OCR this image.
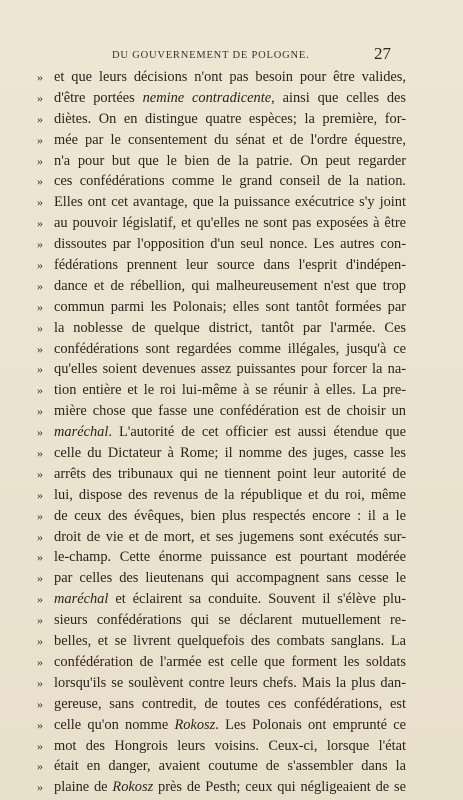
DU GOUVERNEMENT DE POLOGNE.	27
» et que leurs décisions n'ont pas besoin pour être valides,
» d'être portées nemine contradicente, ainsi que celles des
» diètes. On en distingue quatre espèces; la première, for-
» mée par le consentement du sénat et de l'ordre équestre,
» n'a pour but que le bien de la patrie. On peut regarder
» ces confédérations comme le grand conseil de la nation.
» Elles ont cet avantage, que la puissance exécutrice s'y joint
» au pouvoir législatif, et qu'elles ne sont pas exposées à être
» dissoutes par l'opposition d'un seul nonce. Les autres con-
» fédérations prennent leur source dans l'esprit d'indépen-
» dance et de rébellion, qui malheureusement n'est que trop
» commun parmi les Polonais; elles sont tantôt formées par
» la noblesse de quelque district, tantôt par l'armée. Ces
» confédérations sont regardées comme illégales, jusqu'à ce
» qu'elles soient devenues assez puissantes pour forcer la na-
» tion entière et le roi lui-même à se réunir à elles. La pre-
» mière chose que fasse une confédération est de choisir un
» maréchal. L'autorité de cet officier est aussi étendue que
» celle du Dictateur à Rome; il nomme des juges, casse les
» arrêts des tribunaux qui ne tiennent point leur autorité de
» lui, dispose des revenus de la république et du roi, même
» de ceux des évêques, bien plus respectés encore : il a le
» droit de vie et de mort, et ses jugemens sont exécutés sur-
» le-champ. Cette énorme puissance est pourtant modérée
» par celles des lieutenans qui accompagnent sans cesse le
» maréchal et éclairent sa conduite. Souvent il s'élève plu-
» sieurs confédérations qui se déclarent mutuellement re-
» belles, et se livrent quelquefois des combats sanglans. La
» confédération de l'armée est celle que forment les soldats
» lorsqu'ils se soulèvent contre leurs chefs. Mais la plus dan-
» gereuse, sans contredit, de toutes ces confédérations, est
» celle qu'on nomme Rokosz. Les Polonais ont emprunté ce
» mot des Hongrois leurs voisins. Ceux-ci, lorsque l'état
» était en danger, avaient coutume de s'assembler dans la
» plaine de Rokosz près de Pesth; ceux qui négligeaient de se
